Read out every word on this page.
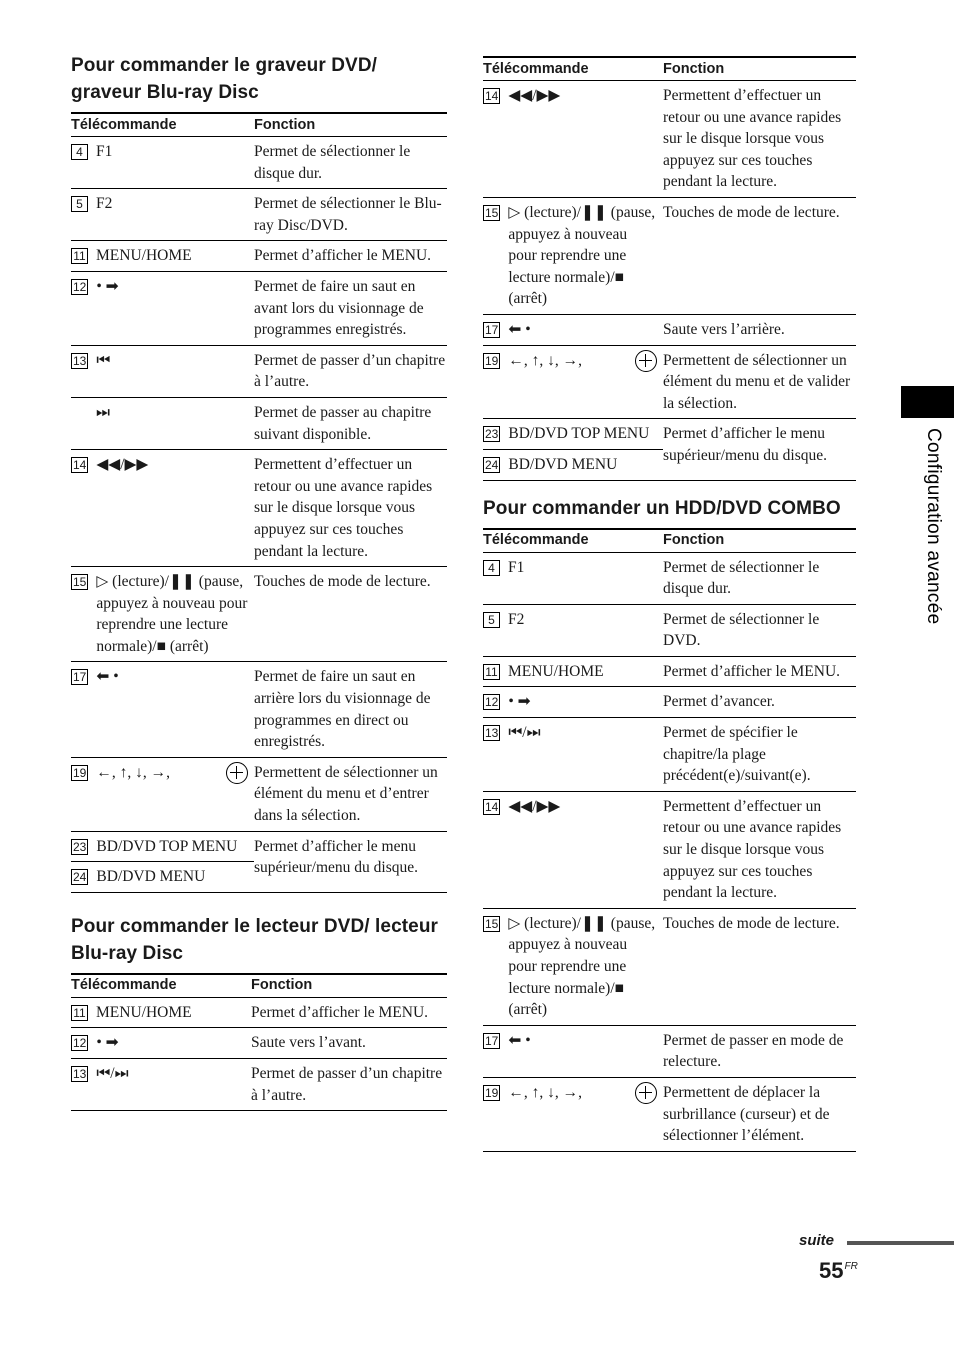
Pour commander le graveur DVD/ graveur Blu-ray Disc
Télécommande	Fonction

4 F1	Permet de sélectionner le disque dur.

5 F2	Permet de sélectionner le Blu-ray Disc/DVD.

11 MENU/HOME	Permet d’afficher le MENU.

12 • ➡	Permet de faire un saut en avant lors du visionnage de programmes enregistrés.

13 ⏮	Permet de passer d’un chapitre à l’autre.

⏭	Permet de passer au chapitre suivant disponible.

14 ◀◀/▶▶	Permettent d’effectuer un retour ou une avance rapides sur le disque lorsque vous appuyez sur ces touches pendant la lecture.

15 ▷ (lecture)/❚❚ (pause, appuyez à nouveau pour reprendre une lecture normale)/■ (arrêt)	Touches de mode de lecture.

17 ⬅ •	Permet de faire un saut en arrière lors du visionnage de programmes en direct ou enregistrés.

19 ←, ↑, ↓, →,	Permettent de sélectionner un élément du menu et d’entrer dans la sélection.

23 BD/DVD TOP MENU	Permet d’afficher le menu supérieur/menu du disque.

24 BD/DVD MENU	
Pour commander le lecteur DVD/ lecteur Blu-ray Disc
Télécommande	Fonction

11 MENU/HOME	Permet d’afficher le MENU.

12 • ➡	Saute vers l’avant.

13 ⏮/⏭	Permet de passer d’un chapitre à l’autre.
Télécommande	Fonction

14 ◀◀/▶▶	Permettent d’effectuer un retour ou une avance rapides sur le disque lorsque vous appuyez sur ces touches pendant la lecture.

15 ▷ (lecture)/❚❚ (pause, appuyez à nouveau pour reprendre une lecture normale)/■ (arrêt)	Touches de mode de lecture.

17 ⬅ •	Saute vers l’arrière.

19 ←, ↑, ↓, →,	Permettent de sélectionner un élément du menu et de valider la sélection.

23 BD/DVD TOP MENU	Permet d’afficher le menu supérieur/menu du disque.

24 BD/DVD MENU	
Pour commander un HDD/DVD COMBO
Télécommande	Fonction

4 F1	Permet de sélectionner le disque dur.

5 F2	Permet de sélectionner le DVD.

11 MENU/HOME	Permet d’afficher le MENU.

12 • ➡	Permet d’avancer.

13 ⏮/⏭	Permet de spécifier le chapitre/la plage précédent(e)/suivant(e).

14 ◀◀/▶▶	Permettent d’effectuer un retour ou une avance rapides sur le disque lorsque vous appuyez sur ces touches pendant la lecture.

15 ▷ (lecture)/❚❚ (pause, appuyez à nouveau pour reprendre une lecture normale)/■ (arrêt)	Touches de mode de lecture.

17 ⬅ •	Permet de passer en mode de relecture.

19 ←, ↑, ↓, →,	Permettent de déplacer la surbrillance (curseur) et de sélectionner l’élément.
Configuration avancée
suite
$55^{FR}$
